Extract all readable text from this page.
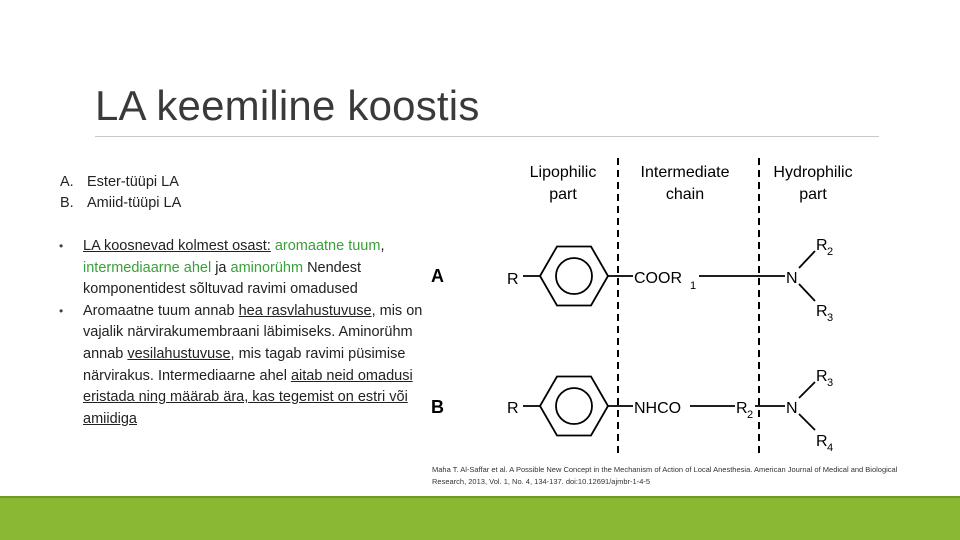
LA keemiline koostis
A. Ester-tüüpi LA
B. Amiid-tüüpi LA
• LA koosnevad kolmest osast: aromaatne tuum, intermediaarne ahel ja aminorühm Nendest komponentidest sõltuvad ravimi omadused
• Aromaatne tuum annab hea rasvlahustuvuse, mis on vajalik närvirakumembraani läbimiseks. Aminorühm annab vesilahustuvuse, mis tagab ravimi püsimise närvirakus. Intermediaarne ahel aitab neid omadusi eristada ning määrab ära, kas tegemist on estri või amiidiga
Lipophilic
part
Intermediate
chain
Hydrophilic
part
A	R	COOR 1	N
R 2
R 3
B	R	NHCO	R 2 N
R 3
R 4
Maha T. Al-Saffar et al. A Possible New Concept in the Mechanism of Action of Local Anesthesia. American Journal of Medical and Biological Research, 2013, Vol. 1, No. 4, 134-137. doi:10.12691/ajmbr-1-4-5
